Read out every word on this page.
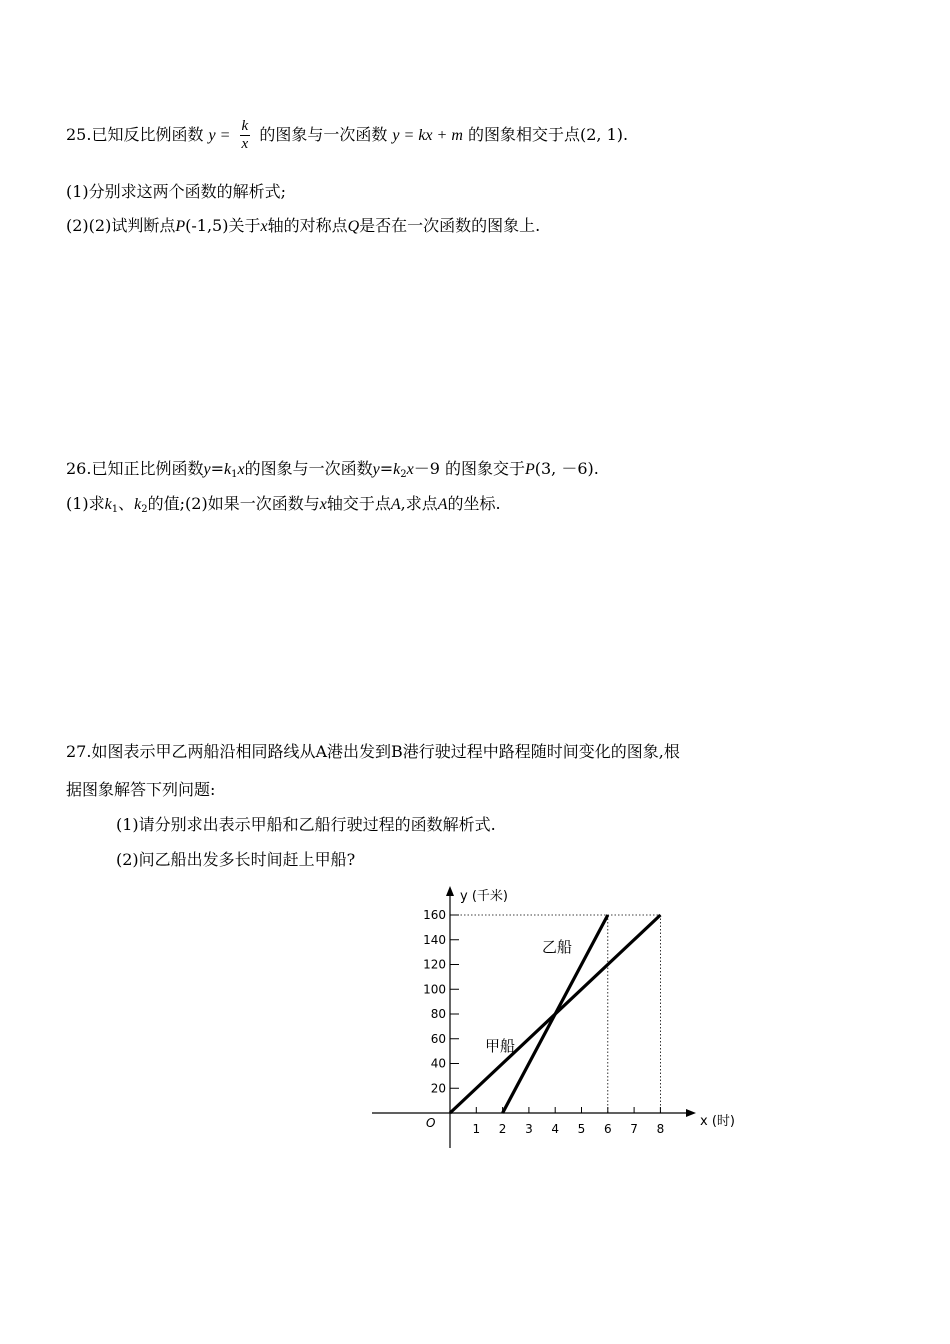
25.已知反比例函数 $y = \frac{k}{x}$ 的图象与一次函数 y = kx + m 的图象相交于点(2, 1).
(1)分别求这两个函数的解析式;
(2)(2)试判断点P(-1,5)关于x轴的对称点Q是否在一次函数的图象上.
26.已知正比例函数$y=k_1x$的图象与一次函数$y=k_2x-9$ 的图象交于P(3, －6).
(1)求$k_1$、$k_2$的值;(2)如果一次函数与x轴交于点A,求点A的坐标.
27.如图表示甲乙两船沿相同路线从A港出发到B港行驶过程中路程随时间变化的图象,根
据图象解答下列问题:
(1)请分别求出表示甲船和乙船行驶过程的函数解析式.
(2)问乙船出发多长时间赶上甲船?
y (千米)
x (时)
O	1 2 3 4 5 6 7 8
20
40
60
80
100
120
140
160
甲船
乙船
